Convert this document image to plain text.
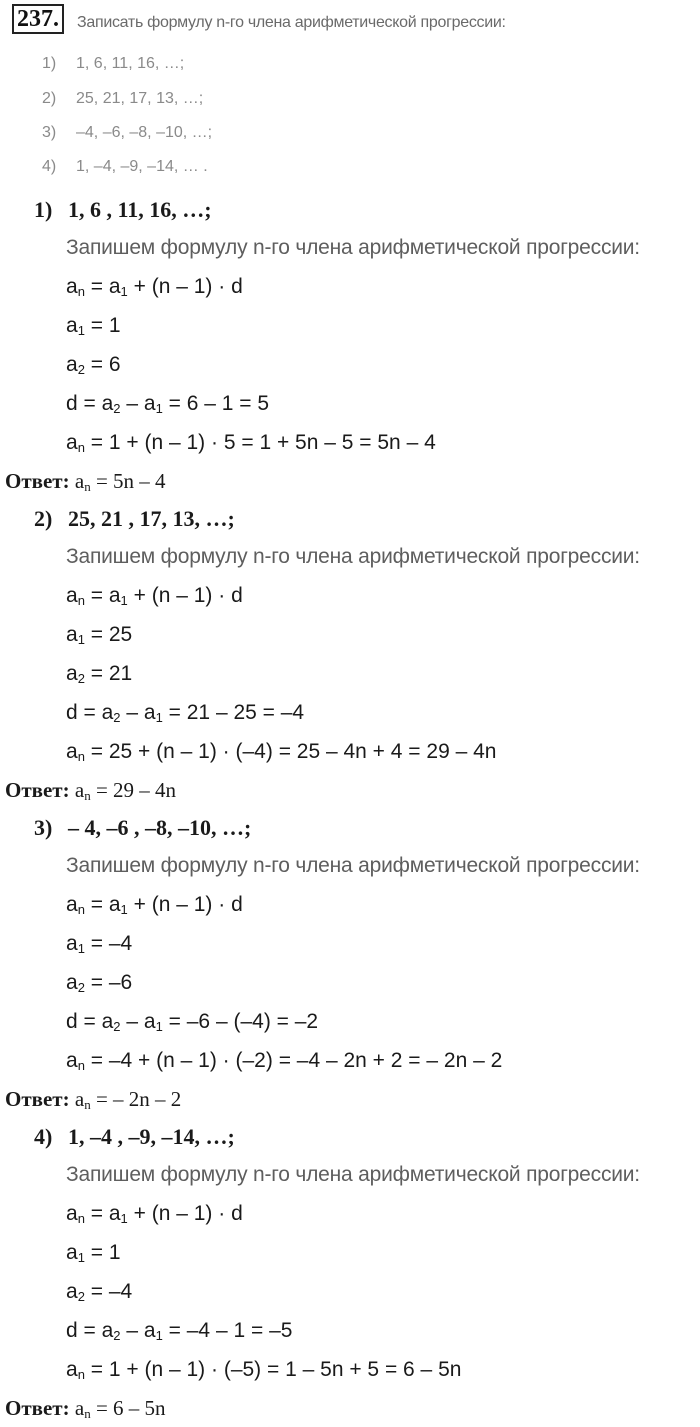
237.	Записать формулу n-го члена арифметической прогрессии:
1) 1, 6, 11, 16, …;
2) 25, 21, 17, 13, …;
3) –4, –6, –8, –10, …;
4) 1, –4, –9, –14, … .
1) 1, 6 , 11, 16, …;
Запишем формулу n-го члена арифметической прогрессии:
$a_n = a_1 + (n - 1) \cdot d$
$a_1 = 1$
$a_2 = 6$
$d = a_2 - a_1 = 6 - 1 = 5$
$a_n = 1 + (n - 1) \cdot 5 = 1 + 5n - 5 = 5n - 4$
Ответ: $a_n = 5n - 4$
2) 25, 21 , 17, 13, …;
Запишем формулу n-го члена арифметической прогрессии:
$a_n = a_1 + (n - 1) \cdot d$
$a_1 = 25$
$a_2 = 21$
$d = a_2 - a_1 = 21 - 25 = -4$
$a_n = 25 + (n - 1) \cdot (-4) = 25 - 4n + 4 = 29 - 4n$
Ответ: $a_n = 29 - 4n$
3) – 4, –6 , –8, –10, …;
Запишем формулу n-го члена арифметической прогрессии:
$a_n = a_1 + (n - 1) \cdot d$
$a_1 = -4$
$a_2 = -6$
$d = a_2 - a_1 = -6 - (-4) = -2$
$a_n = -4 + (n - 1) \cdot (-2) = -4 - 2n + 2$ = – 2n – 2
Ответ: $a_n$ = – 2n – 2
4) 1, –4 , –9, –14, …;
Запишем формулу n-го члена арифметической прогрессии:
$a_n = a_1 + (n - 1) \cdot d$
$a_1 = 1$
$a_2 = -4$
$d = a_2 - a_1 = -4 - 1 = -5$
$a_n = 1 + (n - 1) \cdot (-5) = 1 - 5n + 5 = 6 - 5n$
Ответ: $a_n = 6 - 5n$
